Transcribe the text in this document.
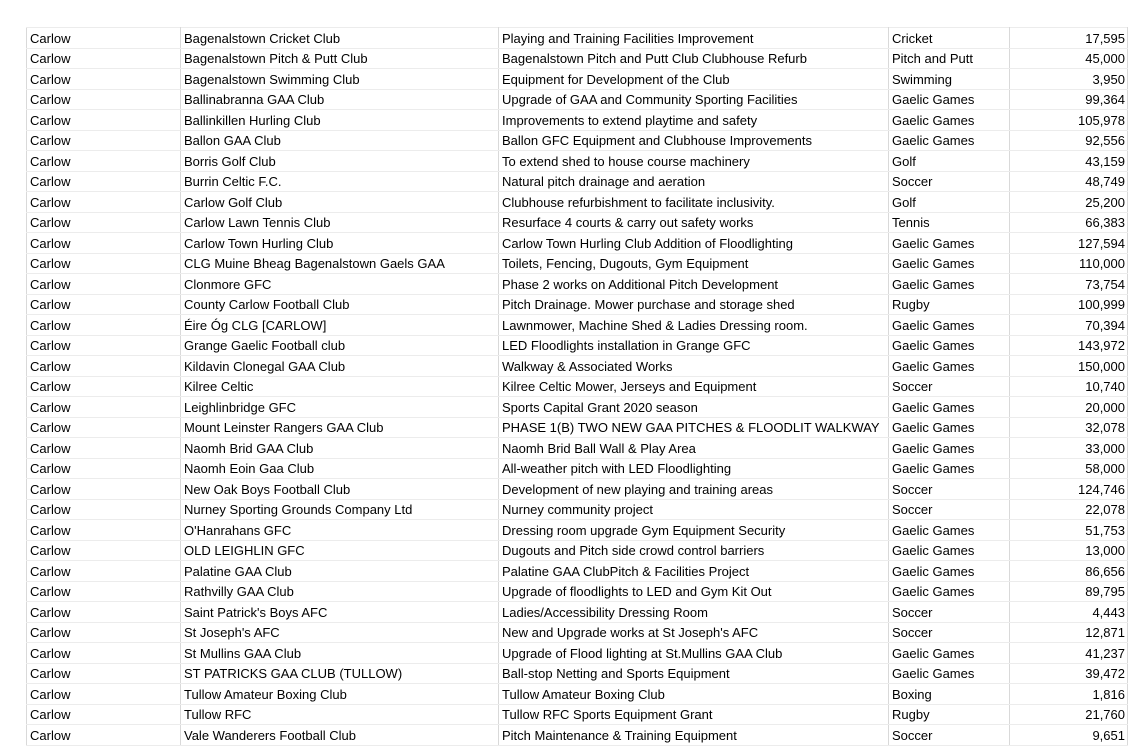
Carlow	Bagenalstown Cricket Club	Playing and Training Facilities Improvement	Cricket	17,595
Carlow	Bagenalstown Pitch & Putt Club	Bagenalstown Pitch and Putt Club Clubhouse Refurb	Pitch and Putt	45,000
Carlow	Bagenalstown Swimming Club	Equipment for Development of the Club	Swimming	3,950
Carlow	Ballinabranna GAA Club	Upgrade of GAA and Community Sporting Facilities	Gaelic Games	99,364
Carlow	Ballinkillen Hurling Club	Improvements to extend playtime and safety	Gaelic Games	105,978
Carlow	Ballon GAA Club	Ballon GFC Equipment and Clubhouse Improvements	Gaelic Games	92,556
Carlow	Borris Golf Club	To extend shed to house course machinery	Golf	43,159
Carlow	Burrin Celtic F.C.	Natural pitch drainage and aeration	Soccer	48,749
Carlow	Carlow Golf Club	Clubhouse refurbishment to facilitate inclusivity.	Golf	25,200
Carlow	Carlow Lawn Tennis Club	Resurface 4 courts & carry out safety works	Tennis	66,383
Carlow	Carlow Town Hurling Club	Carlow Town Hurling Club Addition of Floodlighting	Gaelic Games	127,594
Carlow	CLG Muine Bheag Bagenalstown Gaels GAA	Toilets, Fencing, Dugouts, Gym Equipment	Gaelic Games	110,000
Carlow	Clonmore GFC	Phase 2 works on Additional Pitch Development	Gaelic Games	73,754
Carlow	County Carlow Football Club	Pitch Drainage. Mower purchase and storage shed	Rugby	100,999
Carlow	Éire Óg CLG [CARLOW]	Lawnmower, Machine Shed & Ladies Dressing room.	Gaelic Games	70,394
Carlow	Grange Gaelic Football club	LED Floodlights installation in Grange GFC	Gaelic Games	143,972
Carlow	Kildavin Clonegal GAA Club	Walkway & Associated Works	Gaelic Games	150,000
Carlow	Kilree Celtic	Kilree Celtic Mower, Jerseys and Equipment	Soccer	10,740
Carlow	Leighlinbridge GFC	Sports Capital Grant 2020 season	Gaelic Games	20,000
Carlow	Mount Leinster Rangers GAA Club	PHASE 1(B) TWO NEW GAA PITCHES & FLOODLIT WALKWAY	Gaelic Games	32,078
Carlow	Naomh Brid GAA Club	Naomh Brid Ball Wall & Play Area	Gaelic Games	33,000
Carlow	Naomh Eoin Gaa Club	All-weather pitch with LED Floodlighting	Gaelic Games	58,000
Carlow	New Oak Boys Football Club	Development of new playing and training areas	Soccer	124,746
Carlow	Nurney Sporting Grounds Company Ltd	Nurney community project	Soccer	22,078
Carlow	O'Hanrahans GFC	Dressing room upgrade Gym Equipment Security	Gaelic Games	51,753
Carlow	OLD LEIGHLIN GFC	Dugouts and Pitch side crowd control barriers	Gaelic Games	13,000
Carlow	Palatine GAA Club	Palatine GAA ClubPitch & Facilities Project	Gaelic Games	86,656
Carlow	Rathvilly GAA Club	Upgrade of floodlights to LED and Gym Kit Out	Gaelic Games	89,795
Carlow	Saint Patrick's Boys AFC	Ladies/Accessibility Dressing Room	Soccer	4,443
Carlow	St Joseph's AFC	New and Upgrade works at St Joseph's AFC	Soccer	12,871
Carlow	St Mullins GAA Club	Upgrade of Flood lighting at St.Mullins GAA Club	Gaelic Games	41,237
Carlow	ST PATRICKS GAA CLUB (TULLOW)	Ball-stop Netting and Sports Equipment	Gaelic Games	39,472
Carlow	Tullow Amateur Boxing Club	Tullow Amateur Boxing Club	Boxing	1,816
Carlow	Tullow RFC	Tullow RFC Sports Equipment Grant	Rugby	21,760
Carlow	Vale Wanderers Football Club	Pitch Maintenance & Training Equipment	Soccer	9,651
